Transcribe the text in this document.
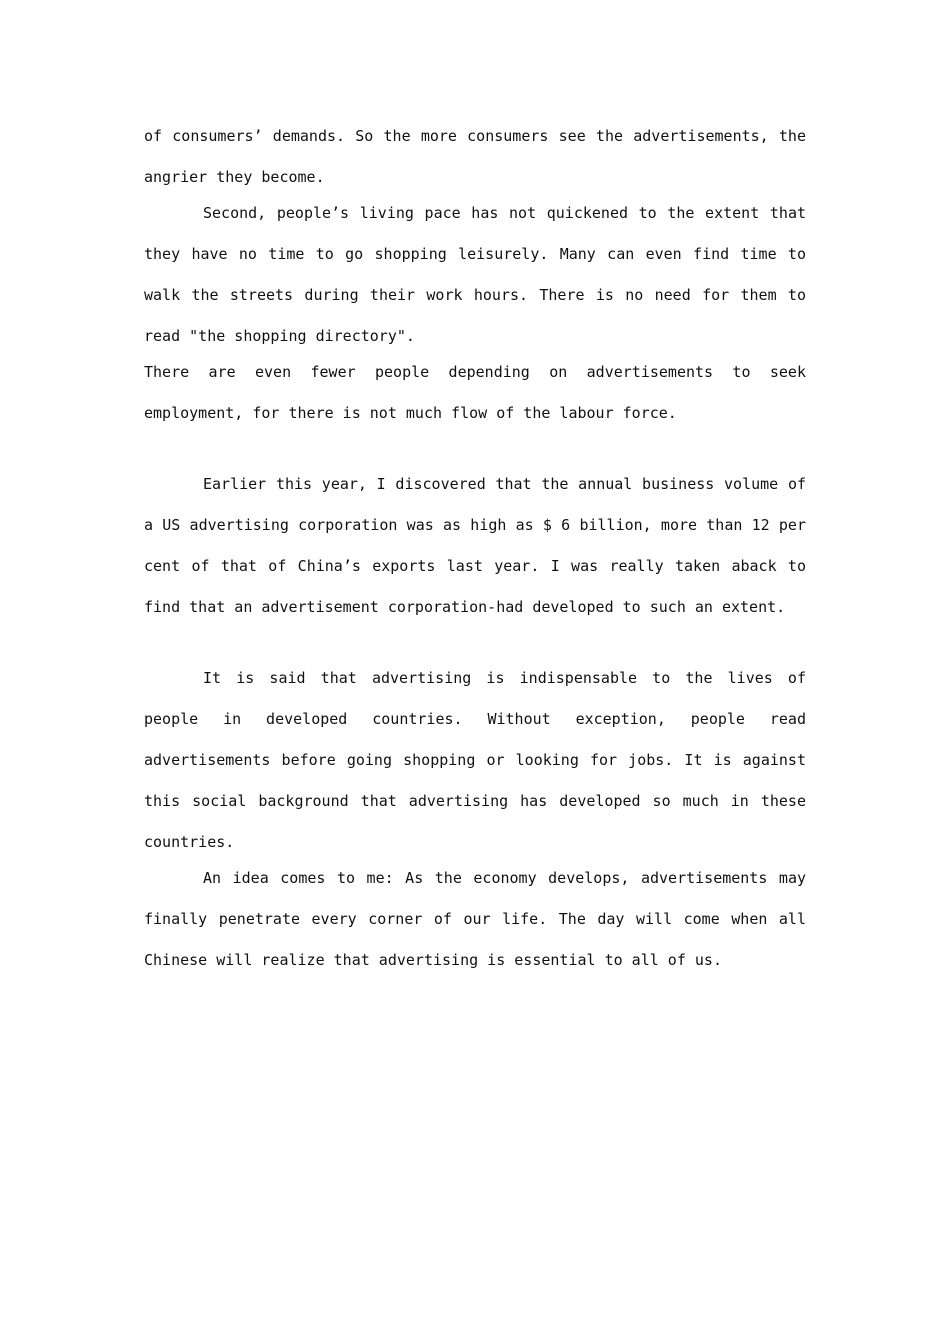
of consumers’ demands. So the more consumers see the advertisements, the angrier they become.

Second, people’s living pace has not quickened to the extent that they have no time to go shopping leisurely. Many can even find time to walk the streets during their work hours. There is no need for them to read "the shopping directory".

There are even fewer people depending on advertisements to seek employment, for there is not much flow of the labour force.

Earlier this year, I discovered that the annual business volume of a US advertising corporation was as high as $ 6 billion, more than 12 per cent of that of China’s exports last year. I was really taken aback to find that an advertisement corporation-had developed to such an extent.

It is said that advertising is indispensable to the lives of people in developed countries. Without exception, people read advertisements before going shopping or looking for jobs. It is against this social background that advertising has developed so much in these countries.

An idea comes to me: As the economy develops, advertisements may finally penetrate every corner of our life. The day will come when all Chinese will realize that advertising is essential to all of us.
